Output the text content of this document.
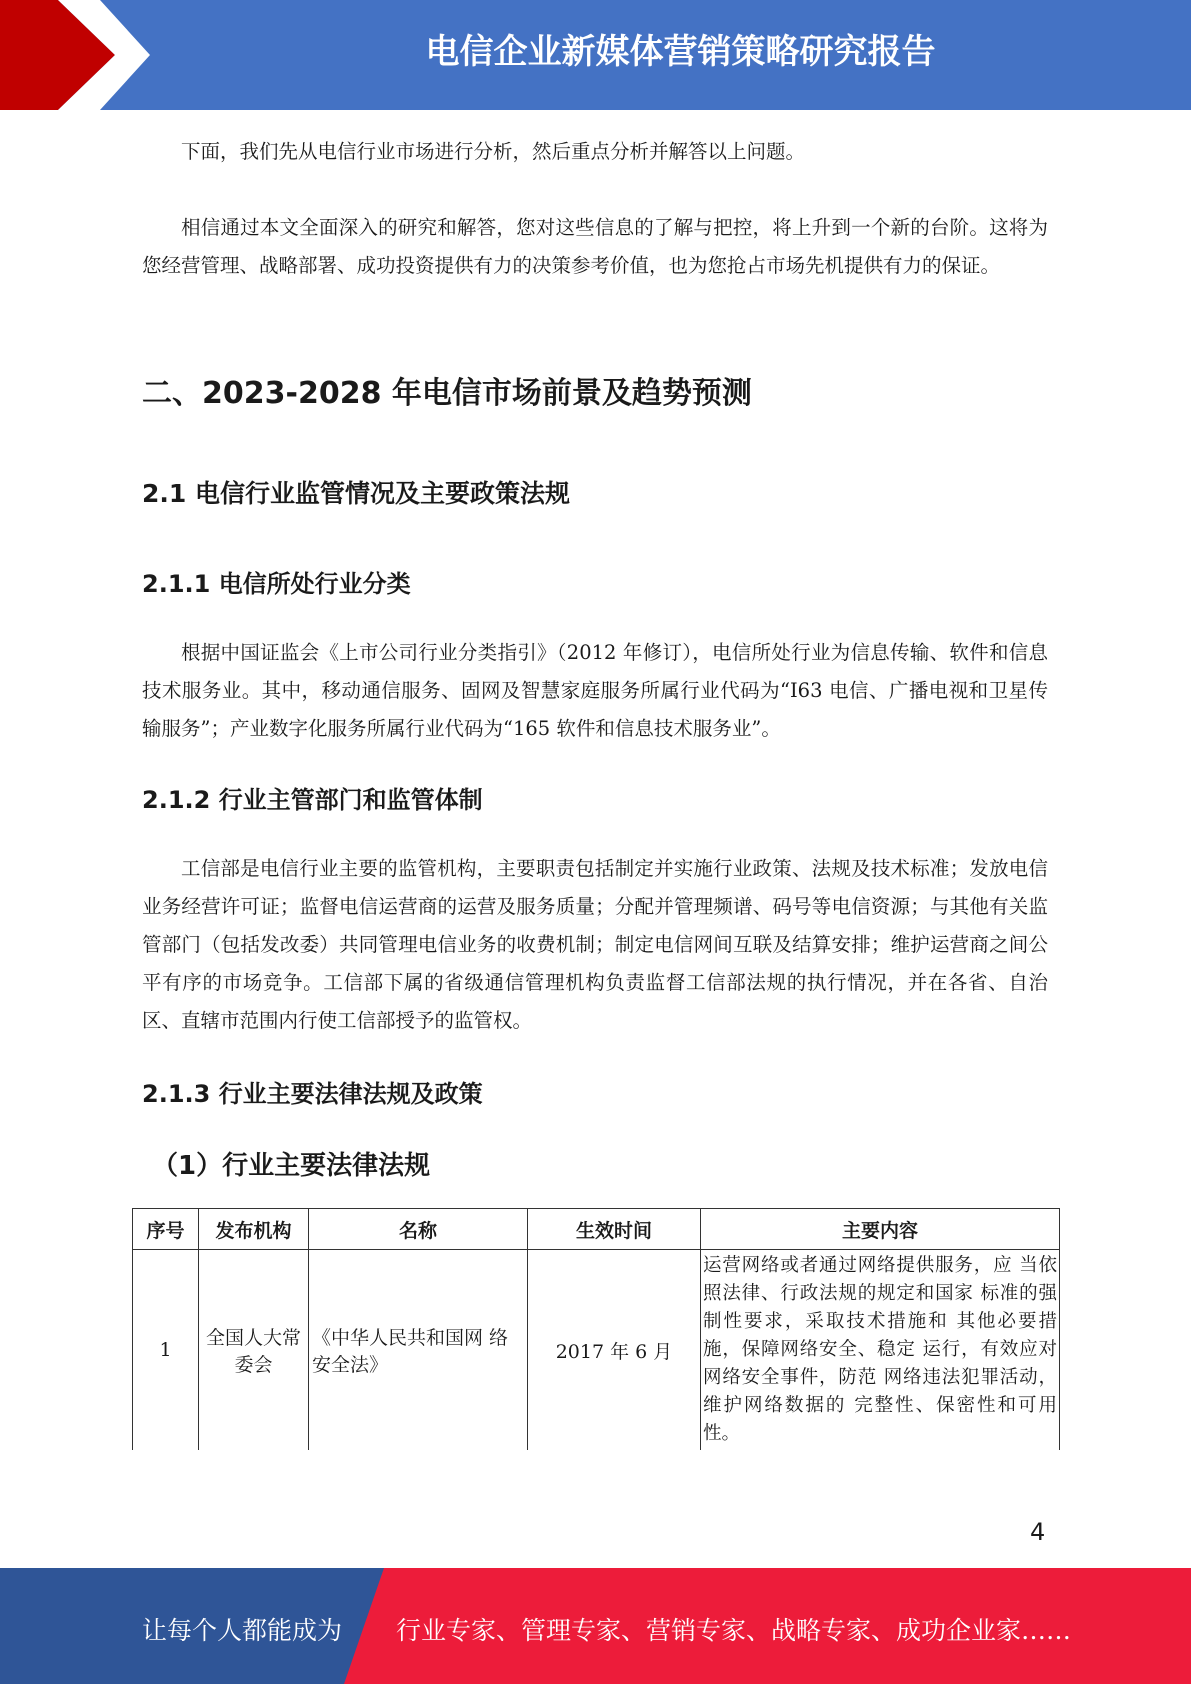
电信企业新媒体营销策略研究报告

下面，我们先从电信行业市场进行分析，然后重点分析并解答以上问题。

相信通过本文全面深入的研究和解答，您对这些信息的了解与把控，将上升到一个新的台阶。这将为您经营管理、战略部署、成功投资提供有力的决策参考价值，也为您抢占市场先机提供有力的保证。

二、2023-2028 年电信市场前景及趋势预测
2.1 电信行业监管情况及主要政策法规
2.1.1 电信所处行业分类

根据中国证监会《上市公司行业分类指引》（2012 年修订），电信所处行业为信息传输、软件和信息技术服务业。其中，移动通信服务、固网及智慧家庭服务所属行业代码为“I63 电信、广播电视和卫星传输服务”；产业数字化服务所属行业代码为“165 软件和信息技术服务业”。

2.1.2 行业主管部门和监管体制

工信部是电信行业主要的监管机构，主要职责包括制定并实施行业政策、法规及技术标准；发放电信业务经营许可证；监督电信运营商的运营及服务质量；分配并管理频谱、码号等电信资源；与其他有关监管部门（包括发改委）共同管理电信业务的收费机制；制定电信网间互联及结算安排；维护运营商之间公平有序的市场竞争。工信部下属的省级通信管理机构负责监督工信部法规的执行情况，并在各省、自治区、直辖市范围内行使工信部授予的监管权。

2.1.3 行业主要法律法规及政策
（1）行业主要法律法规
序号	发布机构	名称	生效时间	主要内容
1	全国人大常委会	《中华人民共和国网 络安全法》	2017 年 6 月	运营网络或者通过网络提供服务，应 当依照法律、行政法规的规定和国家 标准的强制性要求，采取技术措施和 其他必要措施，保障网络安全、稳定 运行，有效应对网络安全事件，防范 网络违法犯罪活动，维护网络数据的 完整性、保密性和可用性。
4
让每个人都能成为 行业专家、管理专家、营销专家、战略专家、成功企业家……
